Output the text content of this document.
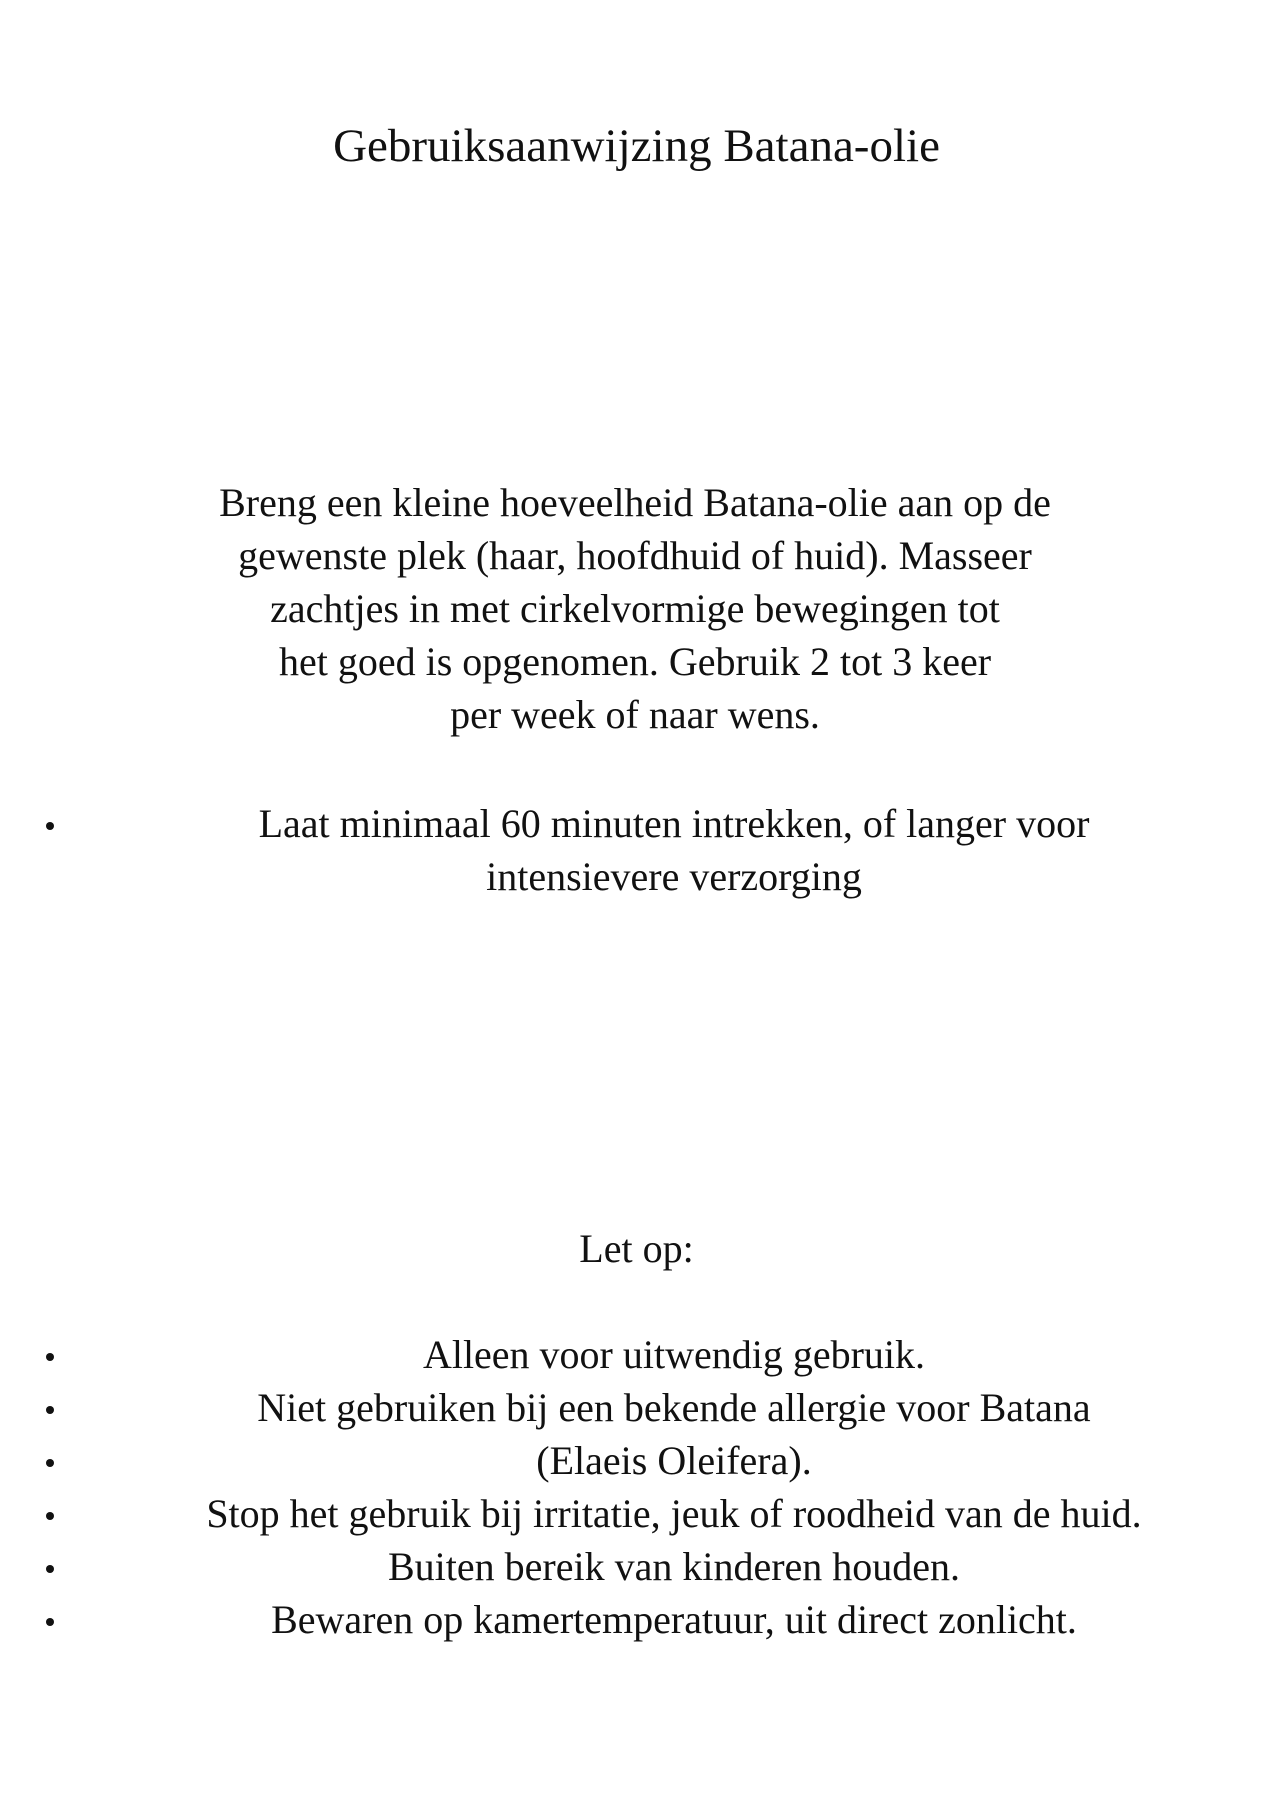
Gebruiksaanwijzing Batana-olie
Breng een kleine hoeveelheid Batana-olie aan op de
gewenste plek (haar, hoofdhuid of huid). Masseer
zachtjes in met cirkelvormige bewegingen tot
het goed is opgenomen. Gebruik 2 tot 3 keer
per week of naar wens.
Laat minimaal 60 minuten intrekken, of langer voor
intensievere verzorging
Let op:
Alleen voor uitwendig gebruik.
Niet gebruiken bij een bekende allergie voor Batana
(Elaeis Oleifera).
Stop het gebruik bij irritatie, jeuk of roodheid van de huid.
Buiten bereik van kinderen houden.
Bewaren op kamertemperatuur, uit direct zonlicht.
